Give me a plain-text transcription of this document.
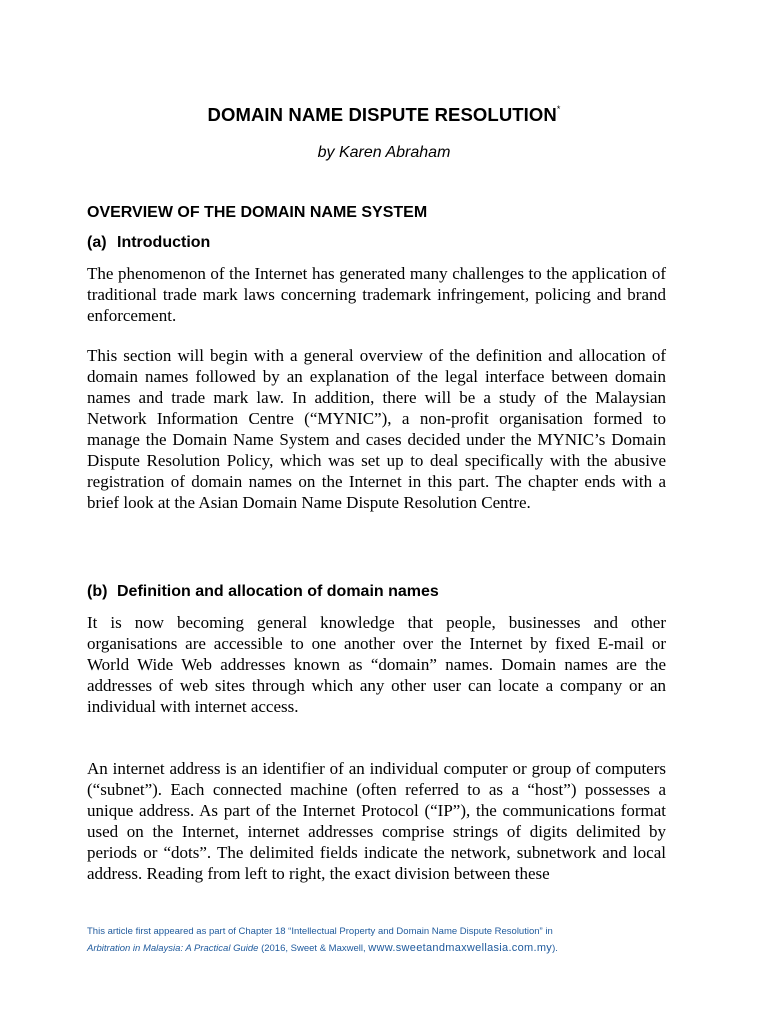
DOMAIN NAME DISPUTE RESOLUTION*
by Karen Abraham
OVERVIEW OF THE DOMAIN NAME SYSTEM
(a) Introduction

The phenomenon of the Internet has generated many challenges to the application of traditional trade mark laws concerning trademark infringement, policing and brand enforcement.

This section will begin with a general overview of the definition and allocation of domain names followed by an explanation of the legal interface between domain names and trade mark law. In addition, there will be a study of the Malaysian Network Information Centre (“MYNIC”), a non-profit organisation formed to manage the Domain Name System and cases decided under the MYNIC’s Domain Dispute Resolution Policy, which was set up to deal specifically with the abusive registration of domain names on the Internet in this part. The chapter ends with a brief look at the Asian Domain Name Dispute Resolution Centre.

(b) Definition and allocation of domain names

It is now becoming general knowledge that people, businesses and other organisations are accessible to one another over the Internet by fixed E-mail or World Wide Web addresses known as “domain” names. Domain names are the addresses of web sites through which any other user can locate a company or an individual with internet access.

An internet address is an identifier of an individual computer or group of computers (“subnet”). Each connected machine (often referred to as a “host”) possesses a unique address. As part of the Internet Protocol (“IP”), the communications format used on the Internet, internet addresses comprise strings of digits delimited by periods or “dots”. The delimited fields indicate the network, subnetwork and local address. Reading from left to right, the exact division between these

This article first appeared as part of Chapter 18 “Intellectual Property and Domain Name Dispute Resolution” in
Arbitration in Malaysia: A Practical Guide (2016, Sweet & Maxwell, www.sweetandmaxwellasia.com.my).
